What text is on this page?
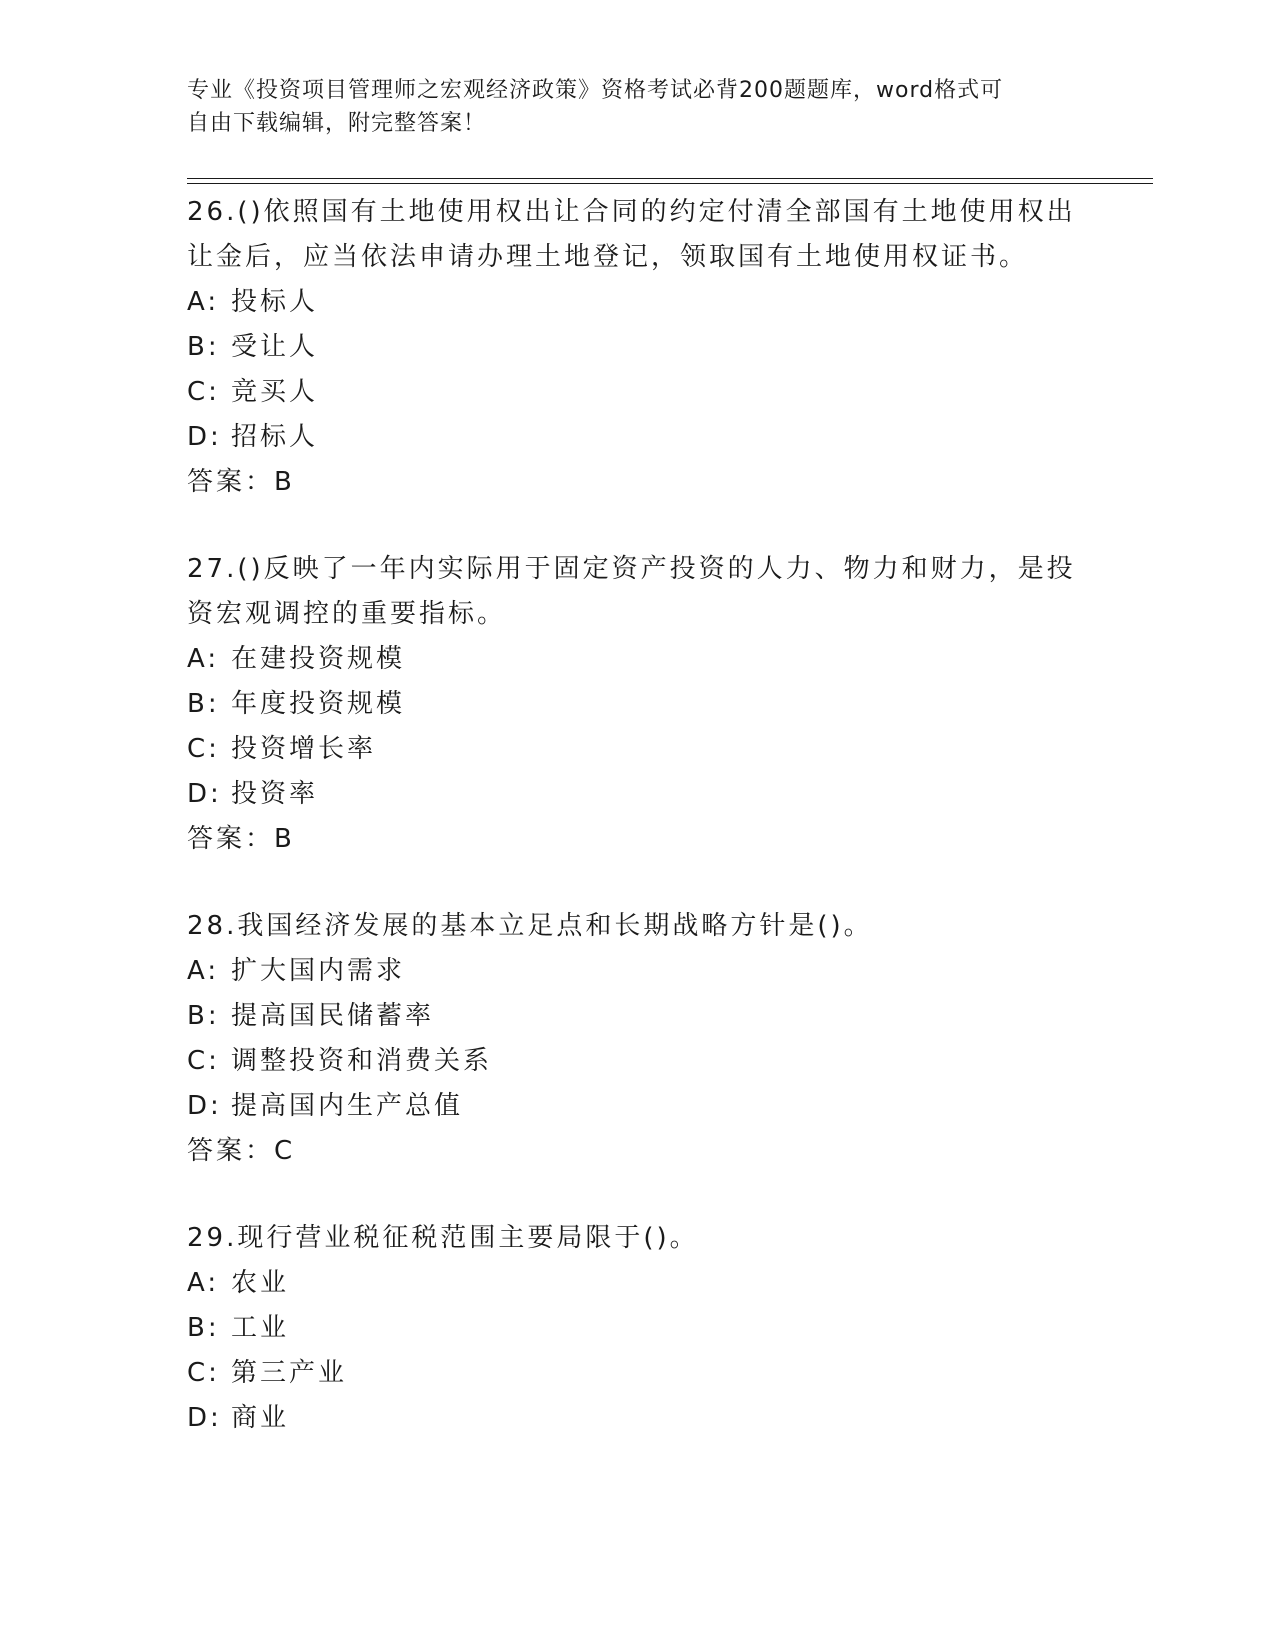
专业《投资项目管理师之宏观经济政策》资格考试必背200题题库，word格式可
自由下载编辑，附完整答案！

26.()依照国有土地使用权出让合同的约定付清全部国有土地使用权出
让金后，应当依法申请办理土地登记，领取国有土地使用权证书。

A: 投标人

B: 受让人

C: 竞买人

D: 招标人

答案：B

27.()反映了一年内实际用于固定资产投资的人力、物力和财力，是投
资宏观调控的重要指标。

A: 在建投资规模

B: 年度投资规模

C: 投资增长率

D: 投资率

答案：B

28.我国经济发展的基本立足点和长期战略方针是()。

A: 扩大国内需求

B: 提高国民储蓄率

C: 调整投资和消费关系

D: 提高国内生产总值

答案：C

29.现行营业税征税范围主要局限于()。

A: 农业

B: 工业

C: 第三产业

D: 商业
